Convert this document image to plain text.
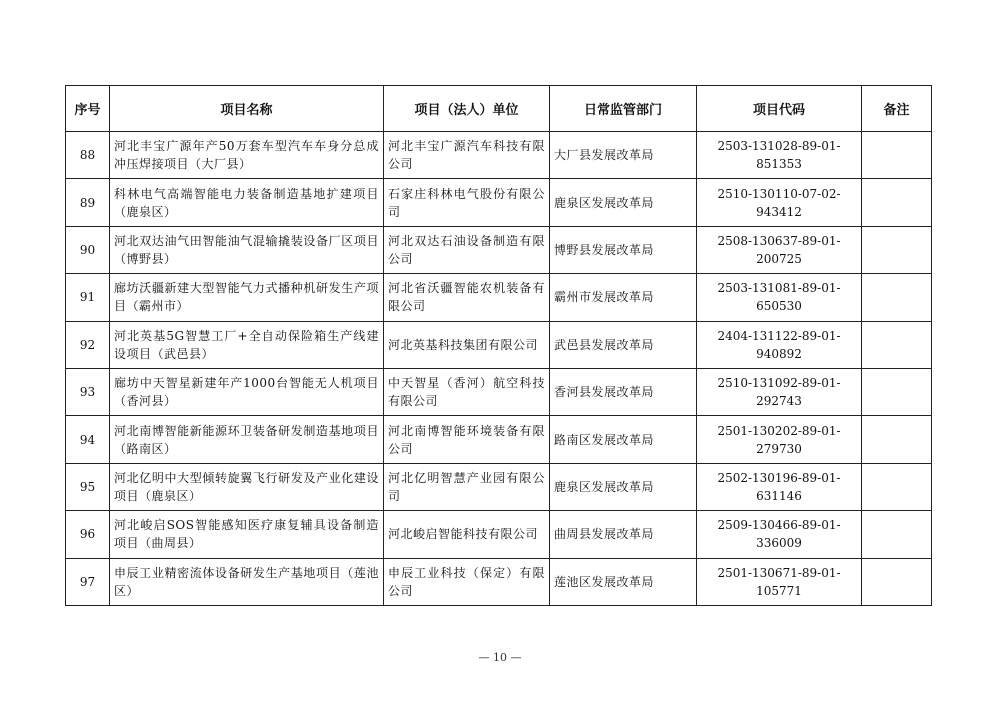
序号	项目名称	项目（法人）单位	日常监管部门	项目代码	备注
88	河北丰宝广源年产50万套车型汽车车身分总成冲压焊接项目（大厂县）	河北丰宝广源汽车科技有限公司	大厂县发展改革局	2503-131028-89-01-851353	
89	科林电气高端智能电力装备制造基地扩建项目（鹿泉区）	石家庄科林电气股份有限公司	鹿泉区发展改革局	2510-130110-07-02-943412	
90	河北双达油气田智能油气混输撬装设备厂区项目（博野县）	河北双达石油设备制造有限公司	博野县发展改革局	2508-130637-89-01-200725	
91	廊坊沃疆新建大型智能气力式播种机研发生产项目（霸州市）	河北省沃疆智能农机装备有限公司	霸州市发展改革局	2503-131081-89-01-650530	
92	河北英基5G智慧工厂+全自动保险箱生产线建设项目（武邑县）	河北英基科技集团有限公司	武邑县发展改革局	2404-131122-89-01-940892	
93	廊坊中天智星新建年产1000台智能无人机项目（香河县）	中天智星（香河）航空科技有限公司	香河县发展改革局	2510-131092-89-01-292743	
94	河北南博智能新能源环卫装备研发制造基地项目（路南区）	河北南博智能环境装备有限公司	路南区发展改革局	2501-130202-89-01-279730	
95	河北亿明中大型倾转旋翼飞行研发及产业化建设项目（鹿泉区）	河北亿明智慧产业园有限公司	鹿泉区发展改革局	2502-130196-89-01-631146	
96	河北峻启SOS智能感知医疗康复辅具设备制造项目（曲周县）	河北峻启智能科技有限公司	曲周县发展改革局	2509-130466-89-01-336009	
97	申辰工业精密流体设备研发生产基地项目（莲池区）	申辰工业科技（保定）有限公司	莲池区发展改革局	2501-130671-89-01-105771	
— 10 —
